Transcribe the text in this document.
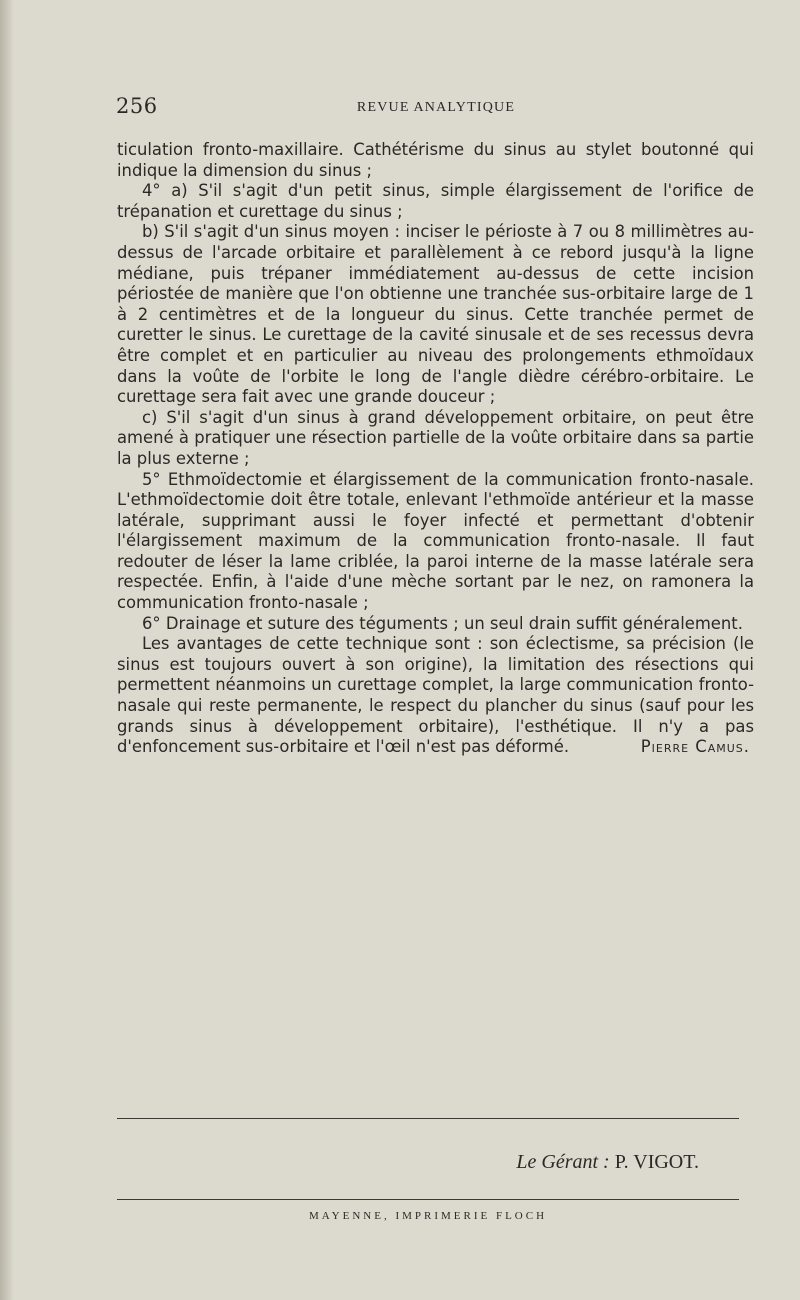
256	REVUE ANALYTIQUE

ticulation fronto-maxillaire. Cathétérisme du sinus au stylet boutonné qui indique la dimension du sinus ;

4° a) S'il s'agit d'un petit sinus, simple élargissement de l'orifice de trépanation et curettage du sinus ;

b) S'il s'agit d'un sinus moyen : inciser le périoste à 7 ou 8 millimètres au-dessus de l'arcade orbitaire et parallèlement à ce rebord jusqu'à la ligne médiane, puis trépaner immédiatement au-dessus de cette incision périostée de manière que l'on obtienne une tranchée sus-orbitaire large de 1 à 2 centimètres et de la longueur du sinus. Cette tranchée permet de curetter le sinus. Le curettage de la cavité sinusale et de ses recessus devra être complet et en particulier au niveau des prolongements ethmoïdaux dans la voûte de l'orbite le long de l'angle dièdre cérébro-orbitaire. Le curettage sera fait avec une grande douceur ;

c) S'il s'agit d'un sinus à grand développement orbitaire, on peut être amené à pratiquer une résection partielle de la voûte orbitaire dans sa partie la plus externe ;

5° Ethmoïdectomie et élargissement de la communication fronto-nasale. L'ethmoïdectomie doit être totale, enlevant l'ethmoïde antérieur et la masse latérale, supprimant aussi le foyer infecté et permettant d'obtenir l'élargissement maximum de la communication fronto-nasale. Il faut redouter de léser la lame criblée, la paroi interne de la masse latérale sera respectée. Enfin, à l'aide d'une mèche sortant par le nez, on ramonera la communication fronto-nasale ;

6° Drainage et suture des téguments ; un seul drain suffit généralement.

Les avantages de cette technique sont : son éclectisme, sa précision (le sinus est toujours ouvert à son origine), la limitation des résections qui permettent néanmoins un curettage complet, la large communication fronto-nasale qui reste permanente, le respect du plancher du sinus (sauf pour les grands sinus à développement orbitaire), l'esthétique. Il n'y a pas d'enfoncement sus-orbitaire et l'œil n'est pas déformé.	Pierre Camus.

Le Gérant : P. VIGOT.
MAYENNE, IMPRIMERIE FLOCH
